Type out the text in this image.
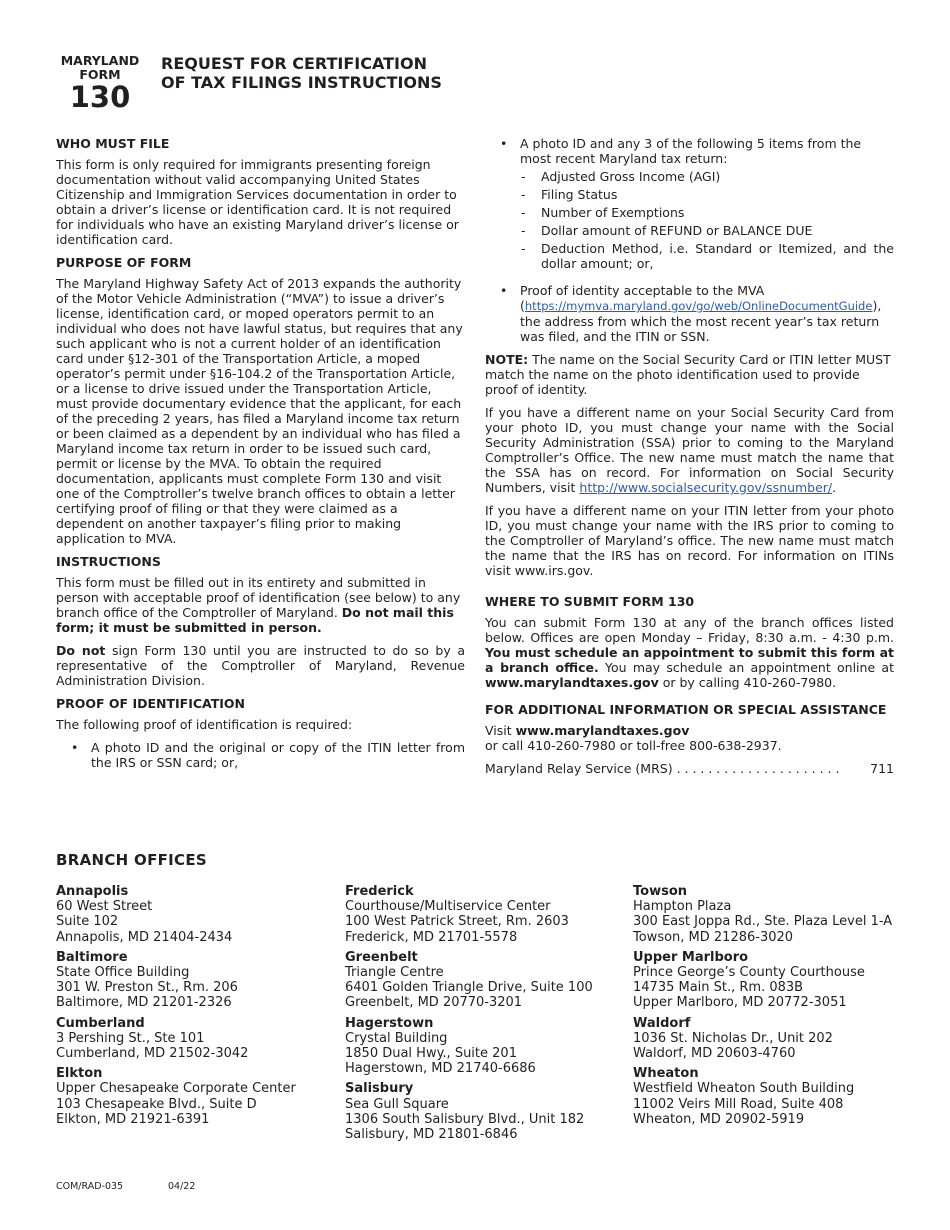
MARYLAND
FORM
130
REQUEST FOR CERTIFICATION
OF TAX FILINGS INSTRUCTIONS

WHO MUST FILE

This form is only required for immigrants presenting foreign documentation without valid accompanying United States Citizenship and Immigration Services documentation in order to obtain a driver’s license or identification card. It is not required for individuals who have an existing Maryland driver’s license or identification card.

PURPOSE OF FORM

The Maryland Highway Safety Act of 2013 expands the authority of the Motor Vehicle Administration (“MVA”) to issue a driver’s license, identification card, or moped operators permit to an individual who does not have lawful status, but requires that any such applicant who is not a current holder of an identification card under §12-301 of the Transportation Article, a moped operator’s permit under §16-104.2 of the Transportation Article, or a license to drive issued under the Transportation Article, must provide documentary evidence that the applicant, for each of the preceding 2 years, has filed a Maryland income tax return or been claimed as a dependent by an individual who has filed a Maryland income tax return in order to be issued such card, permit or license by the MVA. To obtain the required documentation, applicants must complete Form 130 and visit one of the Comptroller’s twelve branch offices to obtain a letter certifying proof of filing or that they were claimed as a dependent on another taxpayer’s filing prior to making application to MVA.

INSTRUCTIONS

This form must be filled out in its entirety and submitted in person with acceptable proof of identification (see below) to any branch office of the Comptroller of Maryland. Do not mail this form; it must be submitted in person.

Do not sign Form 130 until you are instructed to do so by a representative of the Comptroller of Maryland, Revenue Administration Division.

PROOF OF IDENTIFICATION

The following proof of identification is required:

• A photo ID and the original or copy of the ITIN letter from the IRS or SSN card; or,
• A photo ID and any 3 of the following 5 items from the most recent Maryland tax return:
- Adjusted Gross Income (AGI)
- Filing Status
- Number of Exemptions
- Dollar amount of REFUND or BALANCE DUE
- Deduction Method, i.e. Standard or Itemized, and the dollar amount; or,
• Proof of identity acceptable to the MVA (https://mymva.maryland.gov/go/web/OnlineDocumentGuide), the address from which the most recent year’s tax return was filed, and the ITIN or SSN.

NOTE: The name on the Social Security Card or ITIN letter MUST match the name on the photo identification used to provide proof of identity.

If you have a different name on your Social Security Card from your photo ID, you must change your name with the Social Security Administration (SSA) prior to coming to the Maryland Comptroller’s Office. The new name must match the name that the SSA has on record. For information on Social Security Numbers, visit http://www.socialsecurity.gov/ssnumber/.

If you have a different name on your ITIN letter from your photo ID, you must change your name with the IRS prior to coming to the Comptroller of Maryland’s office. The new name must match the name that the IRS has on record. For information on ITINs visit www.irs.gov.

WHERE TO SUBMIT FORM 130

You can submit Form 130 at any of the branch offices listed below. Offices are open Monday – Friday, 8:30 a.m. - 4:30 p.m. You must schedule an appointment to submit this form at a branch office. You may schedule an appointment online at www.marylandtaxes.gov or by calling 410-260-7980.

FOR ADDITIONAL INFORMATION OR SPECIAL ASSISTANCE

Visit www.marylandtaxes.gov
or call 410-260-7980 or toll-free 800-638-2937.

Maryland Relay Service (MRS) . . . . . . . . . . . . . . . . . . . . . 711
BRANCH OFFICES
Annapolis
60 West Street
Suite 102
Annapolis, MD 21404-2434
Baltimore
State Office Building
301 W. Preston St., Rm. 206
Baltimore, MD 21201-2326
Cumberland
3 Pershing St., Ste 101
Cumberland, MD 21502-3042
Elkton
Upper Chesapeake Corporate Center
103 Chesapeake Blvd., Suite D
Elkton, MD 21921-6391
Frederick
Courthouse/Multiservice Center
100 West Patrick Street, Rm. 2603
Frederick, MD 21701-5578
Greenbelt
Triangle Centre
6401 Golden Triangle Drive, Suite 100
Greenbelt, MD 20770-3201
Hagerstown
Crystal Building
1850 Dual Hwy., Suite 201
Hagerstown, MD 21740-6686
Salisbury
Sea Gull Square
1306 South Salisbury Blvd., Unit 182
Salisbury, MD 21801-6846
Towson
Hampton Plaza
300 East Joppa Rd., Ste. Plaza Level 1-A
Towson, MD 21286-3020
Upper Marlboro
Prince George’s County Courthouse
14735 Main St., Rm. 083B
Upper Marlboro, MD 20772-3051
Waldorf
1036 St. Nicholas Dr., Unit 202
Waldorf, MD 20603-4760
Wheaton
Westfield Wheaton South Building
11002 Veirs Mill Road, Suite 408
Wheaton, MD 20902-5919
COM/RAD-035	04/22
